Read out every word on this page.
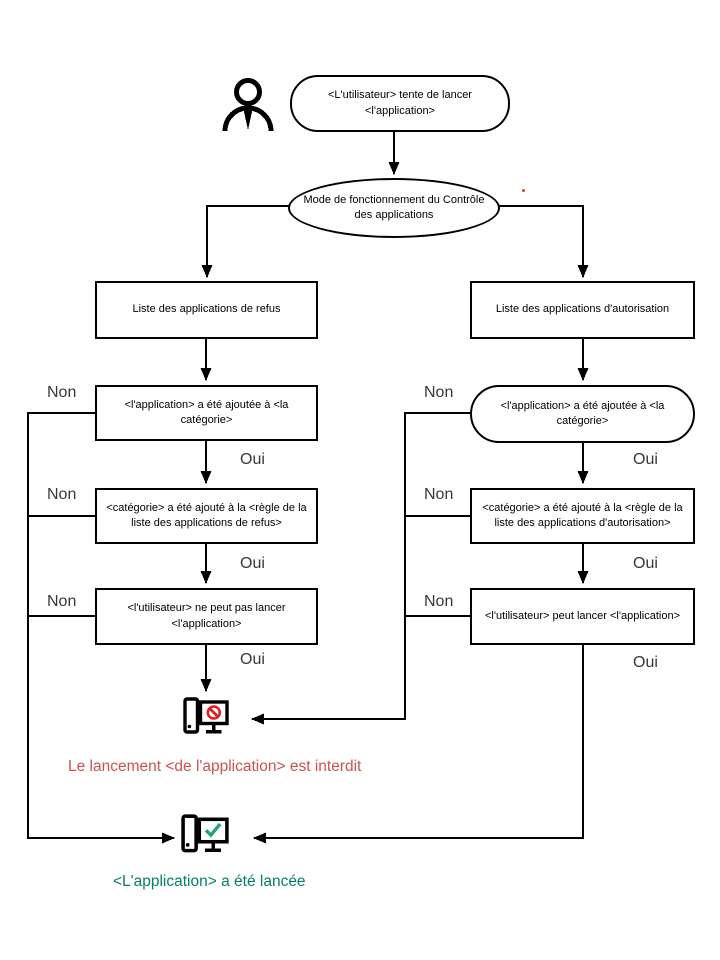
<L'utilisateur> tente de lancer <l'application>
Mode de fonctionnement du Contrôle des applications
Liste des applications de refus	Liste des applications d'autorisation
<l'application> a été ajoutée à <la catégorie>
<l'application> a été ajoutée à <la catégorie>
<catégorie> a été ajouté à la <règle de la liste des applications de refus>
<catégorie> a été ajouté à la <règle de la liste des applications d'autorisation>
<l'utilisateur> ne peut pas lancer <l'application>
<l'utilisateur> peut lancer <l'application>
Non
Non
Non
Non
Non
Non
Oui
Oui
Oui
Oui
Oui
Oui
Le lancement <de l'application> est interdit
<L'application> a été lancée
